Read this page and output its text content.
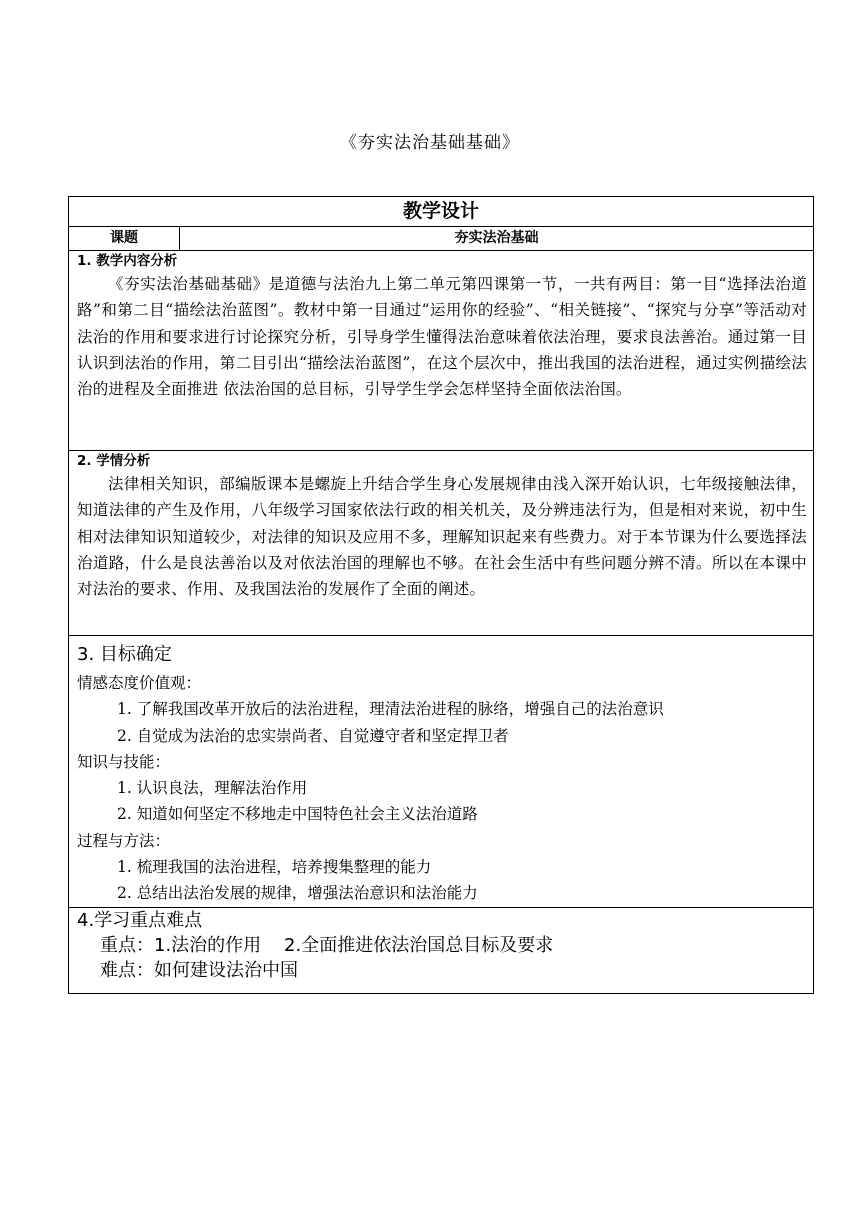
《夯实法治基础基础》
教学设计
课题	夯实法治基础

1. 教学内容分析

《夯实法治基础基础》是道德与法治九上第二单元第四课第一节，一共有两目：第一目“选择法治道路”和第二目“描绘法治蓝图”。教材中第一目通过“运用你的经验”、“相关链接”、“探究与分享”等活动对法治的作用和要求进行讨论探究分析，引导身学生懂得法治意味着依法治理，要求良法善治。通过第一目认识到法治的作用，第二目引出“描绘法治蓝图”，在这个层次中，推出我国的法治进程，通过实例描绘法治的进程及全面推进 依法治国的总目标，引导学生学会怎样坚持全面依法治国。

2. 学情分析

法律相关知识，部编版课本是螺旋上升结合学生身心发展规律由浅入深开始认识，七年级接触法律，知道法律的产生及作用，八年级学习国家依法行政的相关机关，及分辨违法行为，但是相对来说，初中生相对法律知识知道较少，对法律的知识及应用不多，理解知识起来有些费力。对于本节课为什么要选择法治道路，什么是良法善治以及对依法治国的理解也不够。在社会生活中有些问题分辨不清。所以在本课中对法治的要求、作用、及我国法治的发展作了全面的阐述。

3. 目标确定
情感态度价值观：
1. 了解我国改革开放后的法治进程，理清法治进程的脉络，增强自己的法治意识
2. 自觉成为法治的忠实崇尚者、自觉遵守者和坚定捍卫者
知识与技能：
1. 认识良法，理解法治作用
2. 知道如何坚定不移地走中国特色社会主义法治道路
过程与方法：
1. 梳理我国的法治进程，培养搜集整理的能力
2. 总结出法治发展的规律，增强法治意识和法治能力

4.学习重点难点
重点：1.法治的作用    2.全面推进依法治国总目标及要求
难点：如何建设法治中国
